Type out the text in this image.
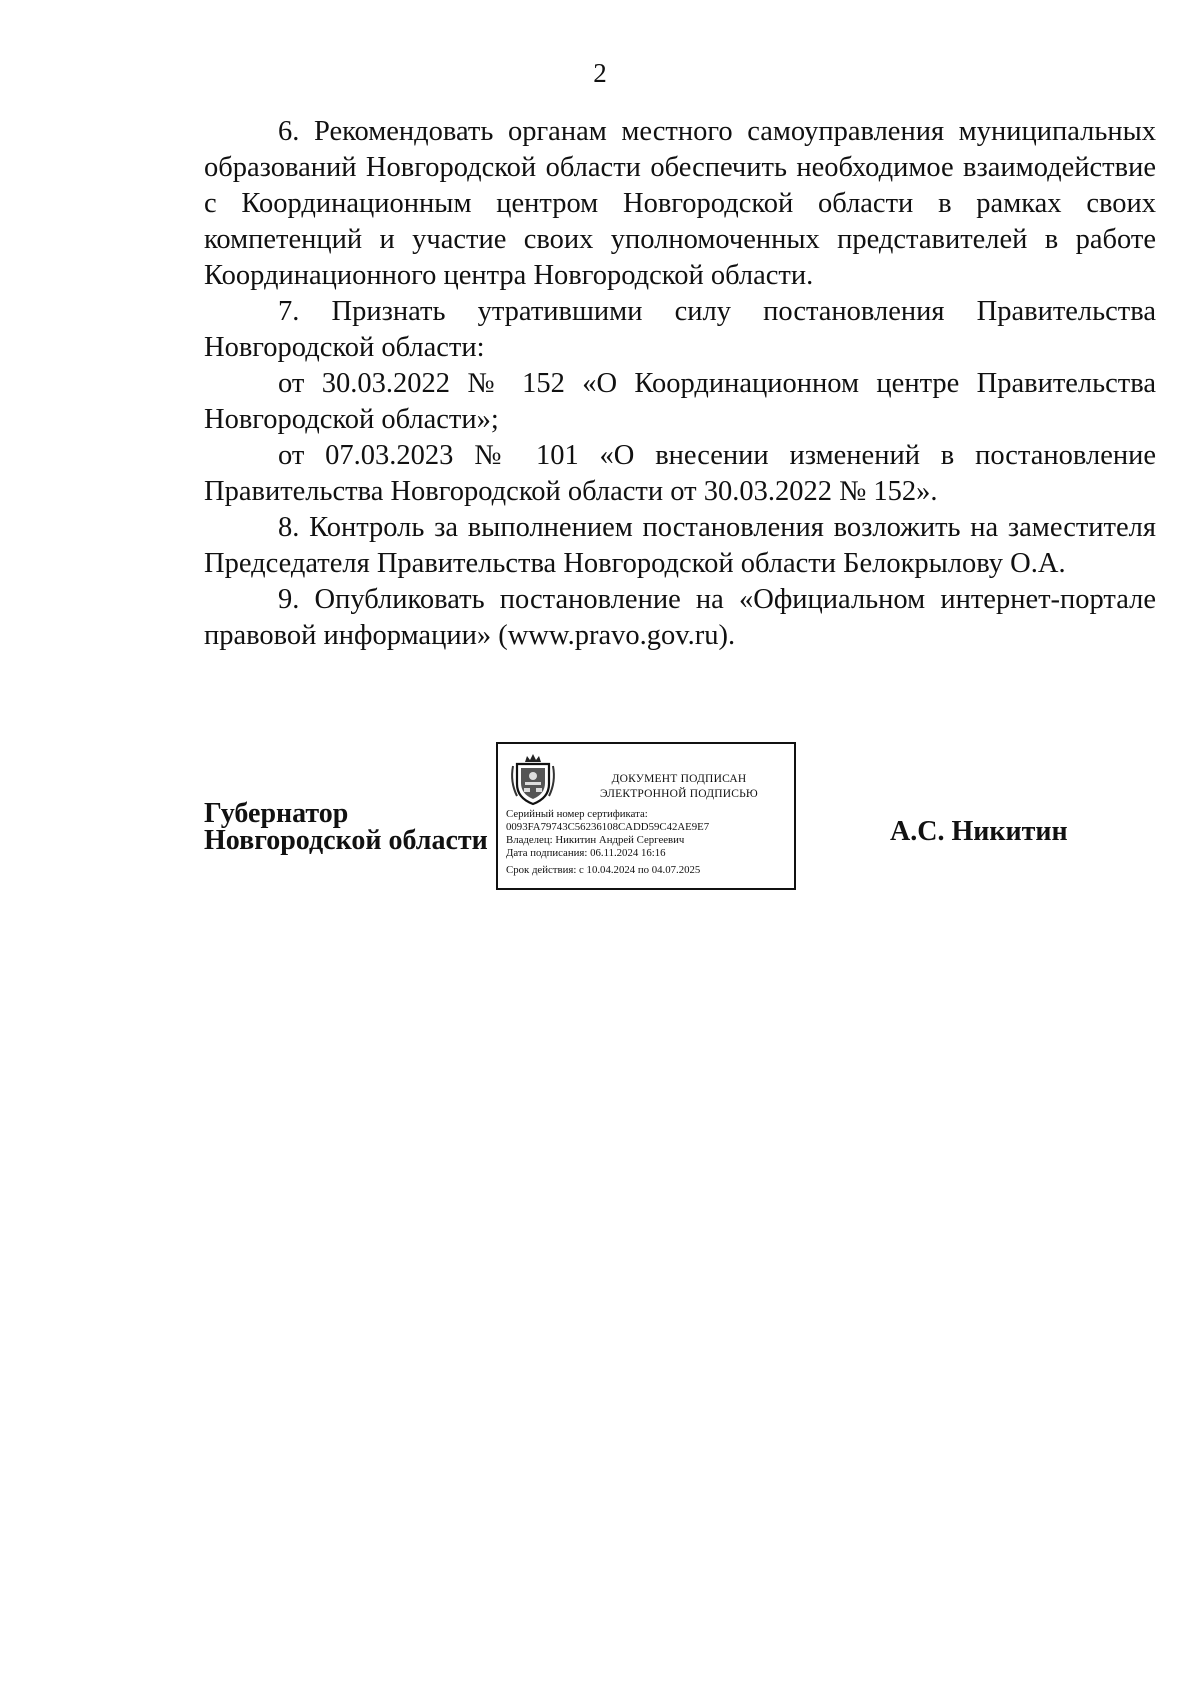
2

6. Рекомендовать органам местного самоуправления муниципальных образований Новгородской области обеспечить необходимое взаимодействие с Координационным центром Новгородской области в рамках своих компетенций и участие своих уполномоченных представителей в работе Координационного центра Новгородской области.

7. Признать утратившими силу постановления Правительства Новгородской области:

от 30.03.2022 № 152 «О Координационном центре Правительства Новгородской области»;

от 07.03.2023 № 101 «О внесении изменений в постановление Правительства Новгородской области от 30.03.2022 № 152».

8. Контроль за выполнением постановления возложить на заместителя Председателя Правительства Новгородской области Белокрылову О.А.

9. Опубликовать постановление на «Официальном интернет-портале правовой информации» (www.pravo.gov.ru).

Губернатор
Новгородской области	А.С. Никитин
ДОКУМЕНТ ПОДПИСАН
ЭЛЕКТРОННОЙ ПОДПИСЬЮ
Серийный номер сертификата:
0093FA79743C56236108CADD59C42AE9E7
Владелец: Никитин Андрей Сергеевич
Дата подписания: 06.11.2024 16:16
Срок действия: с 10.04.2024 по 04.07.2025
